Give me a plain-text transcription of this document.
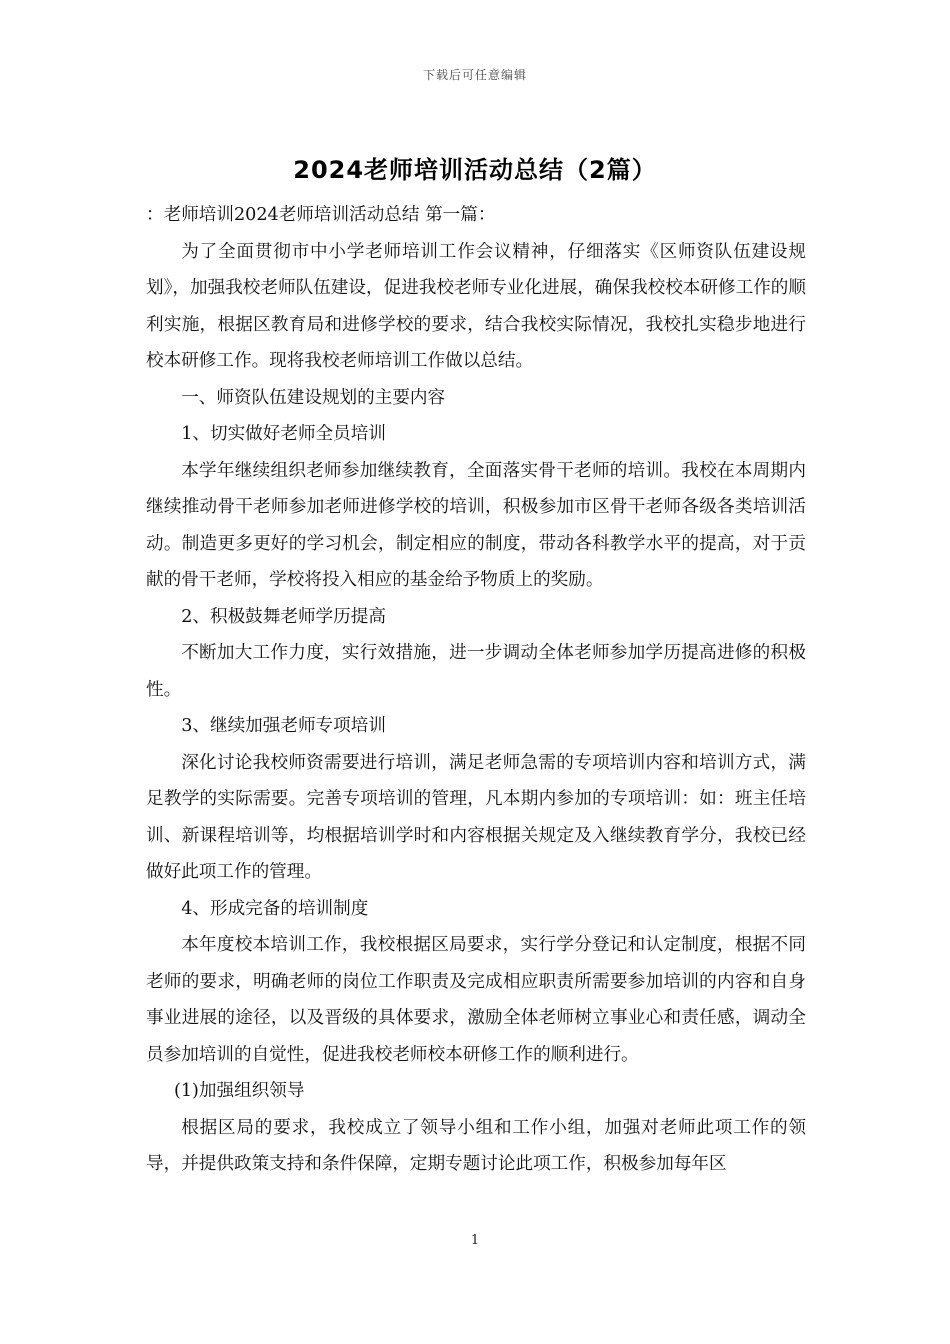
下载后可任意编辑
2024老师培训活动总结（2篇）

：老师培训2024老师培训活动总结 第一篇：

为了全面贯彻市中小学老师培训工作会议精神，仔细落实《区师资队伍建设规划》，加强我校老师队伍建设，促进我校老师专业化进展，确保我校校本研修工作的顺利实施，根据区教育局和进修学校的要求，结合我校实际情况，我校扎实稳步地进行校本研修工作。现将我校老师培训工作做以总结。

一、师资队伍建设规划的主要内容

1、切实做好老师全员培训

本学年继续组织老师参加继续教育，全面落实骨干老师的培训。我校在本周期内继续推动骨干老师参加老师进修学校的培训，积极参加市区骨干老师各级各类培训活动。制造更多更好的学习机会，制定相应的制度，带动各科教学水平的提高，对于贡献的骨干老师，学校将投入相应的基金给予物质上的奖励。

2、积极鼓舞老师学历提高

不断加大工作力度，实行效措施，进一步调动全体老师参加学历提高进修的积极性。

3、继续加强老师专项培训

深化讨论我校师资需要进行培训，满足老师急需的专项培训内容和培训方式，满足教学的实际需要。完善专项培训的管理，凡本期内参加的专项培训：如：班主任培训、新课程培训等，均根据培训学时和内容根据关规定及入继续教育学分，我校已经做好此项工作的管理。

4、形成完备的培训制度

本年度校本培训工作，我校根据区局要求，实行学分登记和认定制度，根据不同老师的要求，明确老师的岗位工作职责及完成相应职责所需要参加培训的内容和自身事业进展的途径，以及晋级的具体要求，激励全体老师树立事业心和责任感，调动全员参加培训的自觉性，促进我校老师校本研修工作的顺利进行。

(1)加强组织领导

根据区局的要求，我校成立了领导小组和工作小组，加强对老师此项工作的领导，并提供政策支持和条件保障，定期专题讨论此项工作，积极参加每年区

1
